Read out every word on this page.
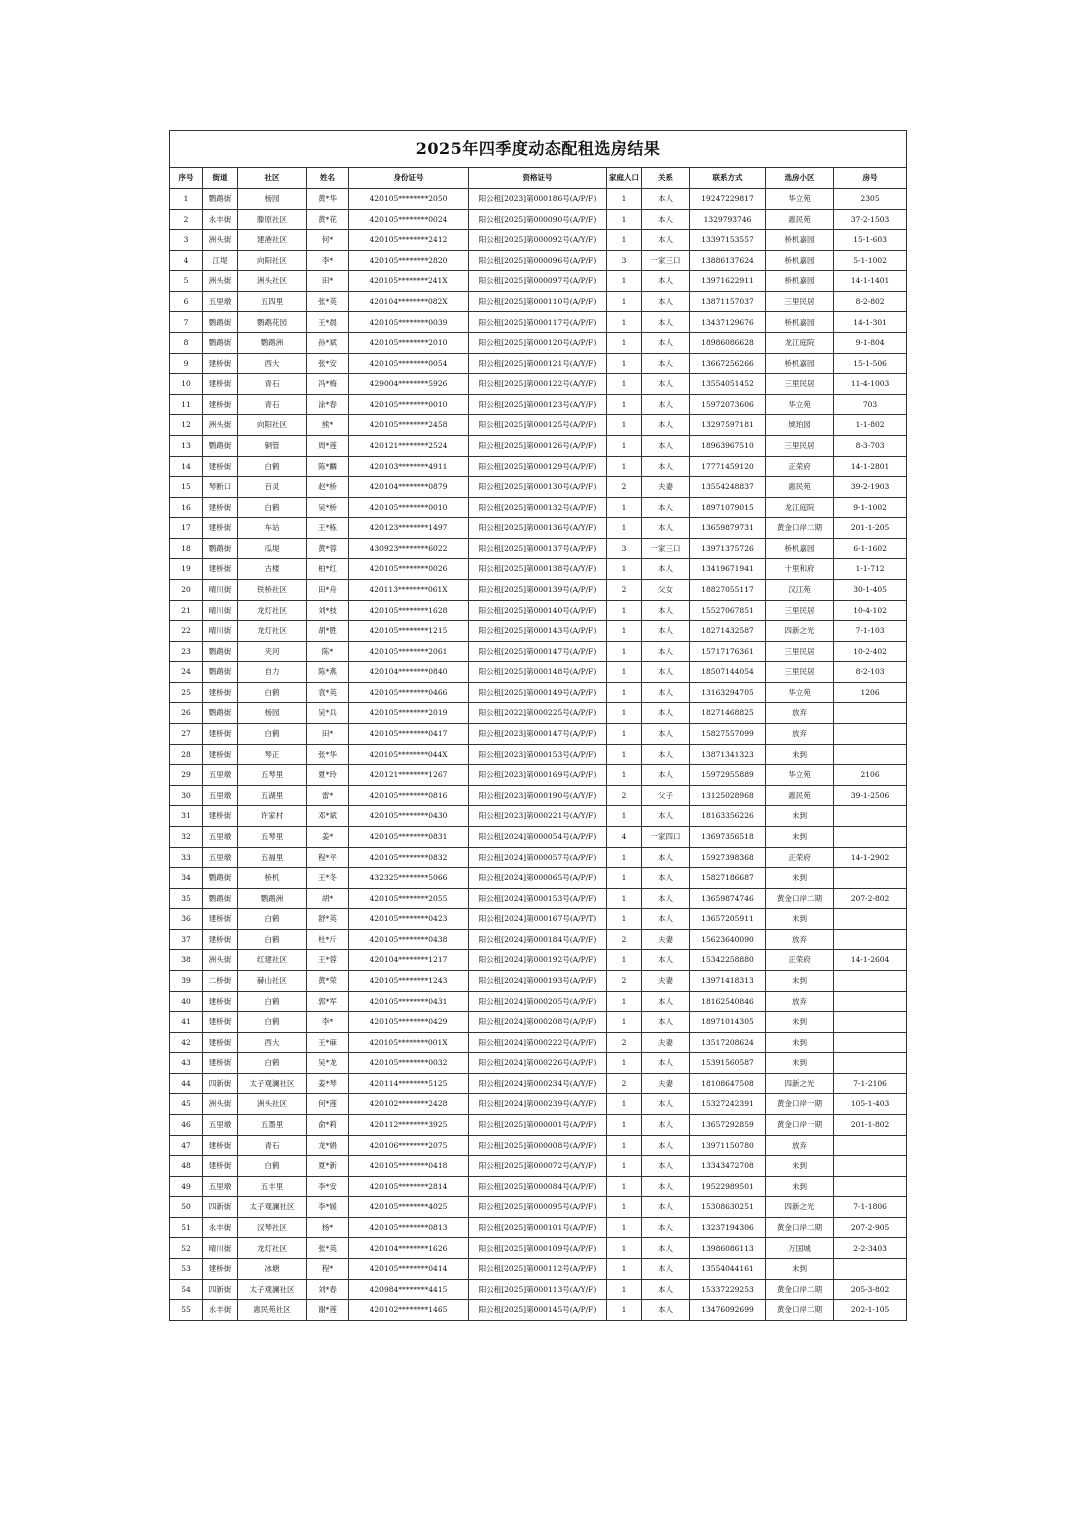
2025年四季度动态配租选房结果										
序号	街道	社区	姓名	身份证号	资格证号	家庭人口	关系	联系方式	选房小区	房号
1	鹦鹉街	杨园	黄*华	420105********2050	阳公租[2023]第000186号(A/P/F)	1	本人	19247229817	华立苑	2305
2	永丰街	滕原社区	黄*花	420105********0024	阳公租[2025]第000090号(A/P/F)	1	本人	1329793746	惠民苑	37-2-1503
3	洲头街	建港社区	何*	420105********2412	阳公租[2025]第000092号(A/Y/F)	1	本人	13397153557	桥机嘉园	15-1-603
4	江堤	向阳社区	李*	420105********2820	阳公租[2025]第000096号(A/P/F)	3	一家三口	13886137624	桥机嘉园	5-1-1002
5	洲头街	洲头社区	田*	420105********241X	阳公租[2025]第000097号(A/P/F)	1	本人	13971622911	桥机嘉园	14-1-1401
6	五里墩	五四里	张*英	420104********082X	阳公租[2025]第000110号(A/P/F)	1	本人	13871157037	三里民居	8-2-802
7	鹦鹉街	鹦鹉花园	王*晨	420105********0039	阳公租[2025]第000117号(A/P/F)	1	本人	13437129676	桥机嘉园	14-1-301
8	鹦鹉街	鹦鹉洲	孙*斌	420105********2010	阳公租[2025]第000120号(A/P/F)	1	本人	18986086628	龙江庭院	9-1-804
9	建桥街	西大	张*安	420105********0054	阳公租[2025]第000121号(A/Y/F)	1	本人	13667256266	桥机嘉园	15-1-506
10	建桥街	青石	冯*梅	429004********5926	阳公租[2025]第000122号(A/Y/F)	1	本人	13554051452	三里民居	11-4-1003
11	建桥街	青石	涂*春	420105********0010	阳公租[2025]第000123号(A/Y/F)	1	本人	15972073606	华立苑	703
12	洲头街	向阳社区	熊*	420105********2458	阳公租[2025]第000125号(A/P/F)	1	本人	13297597181	琥珀园	1-1-802
13	鹦鹉街	铜管	周*莲	420121********2524	阳公租[2025]第000126号(A/P/F)	1	本人	18963967510	三里民居	8-3-703
14	建桥街	白鹤	陈*麟	420103********4911	阳公租[2025]第000129号(A/P/F)	1	本人	17771459120	正荣府	14-1-2801
15	琴断口	百灵	赵*桥	420104********0879	阳公租[2025]第000130号(A/P/F)	2	夫妻	13554248837	惠民苑	39-2-1903
16	建桥街	白鹤	吴*桥	420105********0010	阳公租[2025]第000132号(A/P/F)	1	本人	18971079015	龙江庭院	9-1-1002
17	建桥街	车站	王*栋	420123********1497	阳公租[2025]第000136号(A/Y/F)	1	本人	13659879731	黄金口岸二期	201-1-205
18	鹦鹉街	瓜堤	黄*蓉	430923********6022	阳公租[2025]第000137号(A/P/F)	3	一家三口	13971375726	桥机嘉园	6-1-1602
19	建桥街	古楼	柏*红	420105********0026	阳公租[2025]第000138号(A/Y/F)	1	本人	13419671941	十里和府	1-1-712
20	晴川街	铁桥社区	田*舟	420113********061X	阳公租[2025]第000139号(A/P/F)	2	父女	18827055117	汉江苑	30-1-405
21	晴川街	龙灯社区	刘*枝	420105********1628	阳公租[2025]第000140号(A/P/F)	1	本人	15527067851	三里民居	10-4-102
22	晴川街	龙灯社区	胡*胜	420105********1215	阳公租[2025]第000143号(A/P/F)	1	本人	18271432587	四新之光	7-1-103
23	鹦鹉街	夹河	陈*	420105********2061	阳公租[2025]第000147号(A/P/F)	1	本人	15717176361	三里民居	10-2-402
24	鹦鹉街	自力	陈*燕	420104********0840	阳公租[2025]第000148号(A/P/F)	1	本人	18507144054	三里民居	8-2-103
25	建桥街	白鹤	袁*英	420105********0466	阳公租[2025]第000149号(A/P/F)	1	本人	13163294705	华立苑	1206
26	鹦鹉街	杨园	吴*兵	420105********2019	阳公租[2022]第000225号(A/P/F)	1	本人	18271468825	放弃	
27	建桥街	白鹤	田*	420105********0417	阳公租[2023]第000147号(A/P/F)	1	本人	15827557099	放弃	
28	建桥街	琴正	张*华	420105********044X	阳公租[2023]第000153号(A/P/F)	1	本人	13871341323	未到	
29	五里墩	五琴里	夏*玲	420121********1267	阳公租[2023]第000169号(A/P/F)	1	本人	15972955889	华立苑	2106
30	五里墩	五湖里	雷*	420105********0816	阳公租[2023]第000190号(A/Y/F)	2	父子	13125028968	惠民苑	39-1-2506
31	建桥街	许家村	邓*斌	420105********0430	阳公租[2023]第000221号(A/Y/F)	1	本人	18163356226	未到	
32	五里墩	五琴里	姜*	420105********0831	阳公租[2024]第000054号(A/P/F)	4	一家四口	13697356518	未到	
33	五里墩	五福里	程*平	420105********0832	阳公租[2024]第000057号(A/P/F)	1	本人	15927398368	正荣府	14-1-2902
34	鹦鹉街	桥机	王*冬	432325********5066	阳公租[2024]第000065号(A/P/F)	1	本人	15827186687	未到	
35	鹦鹉街	鹦鹉洲	胡*	420105********2055	阳公租[2024]第000153号(A/P/F)	1	本人	13659874746	黄金口岸二期	207-2-802
36	建桥街	白鹤	舒*英	420105********0423	阳公租[2024]第000167号(A/P/T)	1	本人	13657205911	未到	
37	建桥街	白鹤	杜*斤	420105********0438	阳公租[2024]第000184号(A/P/F)	2	夫妻	15623640090	放弃	
38	洲头街	红建社区	王*蓉	420104********1217	阳公租[2024]第000192号(A/P/F)	1	本人	15342258880	正荣府	14-1-2604
39	二桥街	赫山社区	黄*荣	420105********1243	阳公租[2024]第000193号(A/P/F)	2	夫妻	13971418313	未到	
40	建桥街	白鹤	郭*军	420105********0431	阳公租[2024]第000205号(A/P/F)	1	本人	18162540846	放弃	
41	建桥街	白鹤	李*	420105********0429	阳公租[2024]第000208号(A/P/F)	1	本人	18971014305	未到	
42	建桥街	西大	王*麻	420105********001X	阳公租[2024]第000222号(A/P/F)	2	夫妻	13517208624	未到	
43	建桥街	白鹤	吴*龙	420105********0032	阳公租[2024]第000226号(A/P/F)	1	本人	15391560587	未到	
44	四新街	太子观澜社区	姜*琴	420114********5125	阳公租[2024]第000234号(A/Y/F)	2	夫妻	18108647508	四新之光	7-1-2106
45	洲头街	洲头社区	何*莲	420102********2428	阳公租[2024]第000239号(A/Y/F)	1	本人	15327242391	黄金口岸一期	105-1-403
46	五里墩	五墨里	俞*莉	420112********3925	阳公租[2025]第000001号(A/P/F)	1	本人	13657292859	黄金口岸一期	201-1-802
47	建桥街	青石	龙*娟	420106********2075	阳公租[2025]第000008号(A/P/F)	1	本人	13971150780	放弃	
48	建桥街	白鹤	夏*新	420105********0418	阳公租[2025]第000072号(A/Y/F)	1	本人	13343472708	未到	
49	五里墩	五丰里	李*安	420105********2814	阳公租[2025]第000084号(A/P/F)	1	本人	19522989501	未到	
50	四新街	太子观澜社区	李*媛	420105********4025	阳公租[2025]第000095号(A/P/F)	1	本人	15308630251	四新之光	7-1-1806
51	永丰街	汉琴社区	杨*	420105********0813	阳公租[2025]第000101号(A/P/F)	1	本人	13237194306	黄金口岸二期	207-2-905
52	晴川街	龙灯社区	张*英	420104********1626	阳公租[2025]第000109号(A/P/F)	1	本人	13986086113	万国城	2-2-3403
53	建桥街	冰塘	程*	420105********0414	阳公租[2025]第000112号(A/P/F)	1	本人	13554044161	未到	
54	四新街	太子观澜社区	刘*春	420984********4415	阳公租[2025]第000113号(A/Y/F)	1	本人	15337229253	黄金口岸二期	205-3-802
55	永丰街	惠民苑社区	谢*莲	420102********1465	阳公租[2025]第000145号(A/P/F)	1	本人	13476092699	黄金口岸二期	202-1-105
